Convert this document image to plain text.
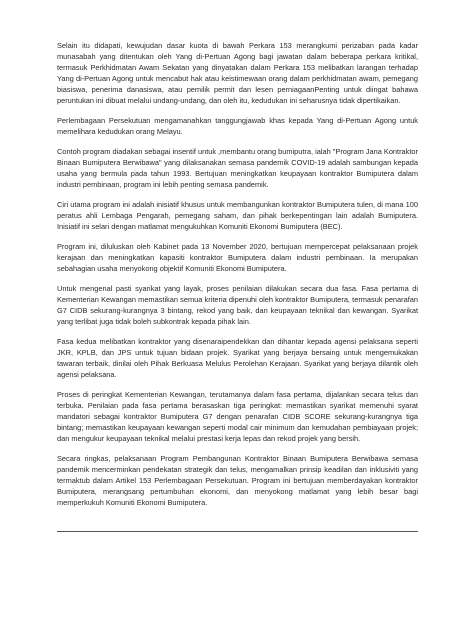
Selain itu didapati, kewujudan dasar kuota di bawah Perkara 153 merangkumi perizaban pada kadar munasabah yang ditentukan oleh Yang di-Pertuan Agong bagi jawatan dalam beberapa perkara kritikal, termasuk Perkhidmatan Awam Sekatan yang dinyatakan dalam Perkara 153 melibatkan larangan terhadap Yang di-Pertuan Agong untuk mencabut hak atau keistimewaan orang dalam perkhidmatan awam, pemegang biasiswa, penerima danasiswa, atau pemilik permit dan lesen perniagaanPenting untuk diingat bahawa peruntukan ini dibuat melalui undang-undang, dan oleh itu, kedudukan ini seharusnya tidak dipertikaikan.

Perlembagaan Persekutuan mengamanahkan tanggungjawab khas kepada Yang di-Pertuan Agong untuk memelihara kedudukan orang Melayu.

Contoh program diadakan sebagai insentif untuk ,membantu orang bumiputra, ialah "Program Jana Kontraktor Binaan Bumiputera Berwibawa" yang dilaksanakan semasa pandemik COVID-19 adalah sambungan kepada usaha yang bermula pada tahun 1993. Bertujuan meningkatkan keupayaan kontraktor Bumiputera dalam industri pembinaan, program ini lebih penting semasa pandemik.

Ciri utama program ini adalah inisiatif khusus untuk membangunkan kontraktor Bumiputera tulen, di mana 100 peratus ahli Lembaga Pengarah, pemegang saham, dan pihak berkepentingan lain adalah Bumiputera. Inisiatif ini selari dengan matlamat mengukuhkan Komuniti Ekonomi Bumiputera (BEC).

Program ini, diluluskan oleh Kabinet pada 13 November 2020, bertujuan mempercepat pelaksanaan projek kerajaan dan meningkatkan kapasiti kontraktor Bumiputera dalam industri pembinaan. Ia merupakan sebahagian usaha menyokong objektif Komuniti Ekonomi Bumiputera.

Untuk mengenal pasti syarikat yang layak, proses penilaian dilakukan secara dua fasa. Fasa pertama di Kementerian Kewangan memastikan semua kriteria dipenuhi oleh kontraktor Bumiputera, termasuk penarafan G7 CIDB sekurang-kurangnya 3 bintang, rekod yang baik, dan keupayaan teknikal dan kewangan. Syarikat yang terlibat juga tidak boleh subkontrak kepada pihak lain.

Fasa kedua melibatkan kontraktor yang disenaraipendekkan dan dihantar kepada agensi pelaksana seperti JKR, KPLB, dan JPS untuk tujuan bidaan projek. Syarikat yang berjaya bersaing untuk mengemukakan tawaran terbaik, dinilai oleh Pihak Berkuasa Melulus Perolehan Kerajaan. Syarikat yang berjaya dilantik oleh agensi pelaksana.

Proses di peringkat Kementerian Kewangan, terutamanya dalam fasa pertama, dijalankan secara telus dan terbuka. Penilaian pada fasa pertama berasaskan tiga peringkat: memastikan syarikat memenuhi syarat mandatori sebagai kontraktor Bumiputera G7 dengan penarafan CIDB SCORE sekurang-kurangnya tiga bintang; memastikan keupayaan kewangan seperti modal cair minimum dan kemudahan pembiayaan projek; dan mengukur keupayaan teknikal melalui prestasi kerja lepas dan rekod projek yang bersih.

Secara ringkas, pelaksanaan Program Pembangunan Kontraktor Binaan Bumiputera Berwibawa semasa pandemik mencerminkan pendekatan strategik dan telus, mengamalkan prinsip keadilan dan inklusiviti yang termaktub dalam Artikel 153 Perlembagaan Persekutuan. Program ini bertujuan memberdayakan kontraktor Bumiputera, merangsang pertumbuhan ekonomi, dan menyokong matlamat yang lebih besar bagi memperkukuh Komuniti Ekonomi Bumiputera.
